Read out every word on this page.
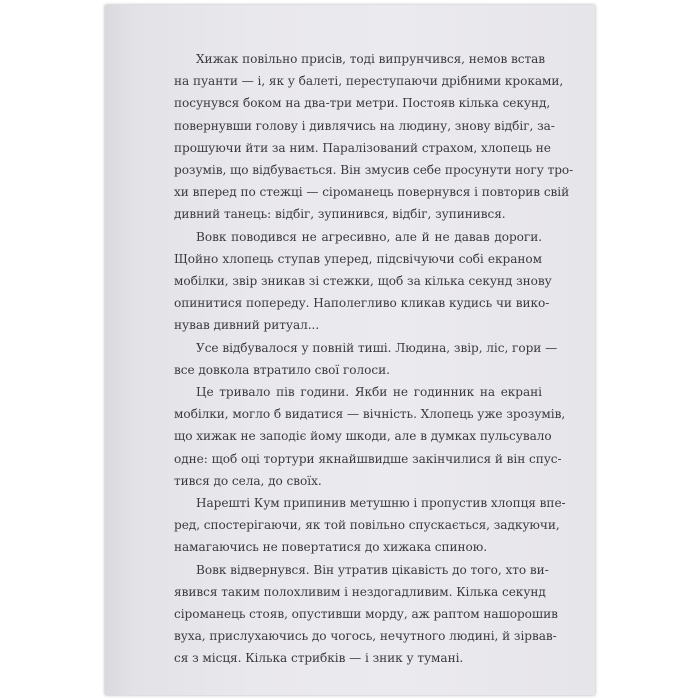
Хижак повільно присів, тоді випрунчився, немов встав
на пуанти — і, як у балеті, переступаючи дрібними кроками,
посунувся боком на два-три метри. Постояв кілька секунд,
повернувши голову і дивлячись на людину, знову відбіг, за-
прошуючи йти за ним. Паралізований страхом, хлопець не
розумів, що відбувається. Він змусив себе просунути ногу тро-
хи вперед по стежці — сіроманець повернувся і повторив свій
дивний танець: відбіг, зупинився, відбіг, зупинився.
Вовк поводився не агресивно, але й не давав дороги.
Щойно хлопець ступав уперед, підсвічуючи собі екраном
мобілки, звір зникав зі стежки, щоб за кілька секунд знову
опинитися попереду. Наполегливо кликав кудись чи вико-
нував дивний ритуал...
Усе відбувалося у повній тиші. Людина, звір, ліс, гори —
все довкола втратило свої голоси.
Це тривало пів години. Якби не годинник на екрані
мобілки, могло б видатися — вічність. Хлопець уже зрозумів,
що хижак не заподіє йому шкоди, але в думках пульсувало
одне: щоб оці тортури якнайшвидше закінчилися й він спус-
тився до села, до своїх.
Нарешті Кум припинив метушню і пропустив хлопця впе-
ред, спостерігаючи, як той повільно спускається, задкуючи,
намагаючись не повертатися до хижака спиною.
Вовк відвернувся. Він утратив цікавість до того, хто ви-
явився таким полохливим і нездогадливим. Кілька секунд
сіроманець стояв, опустивши морду, аж раптом нашорошив
вуха, прислухаючись до чогось, нечутного людині, й зірвав-
ся з місця. Кілька стрибків — і зник у тумані.
